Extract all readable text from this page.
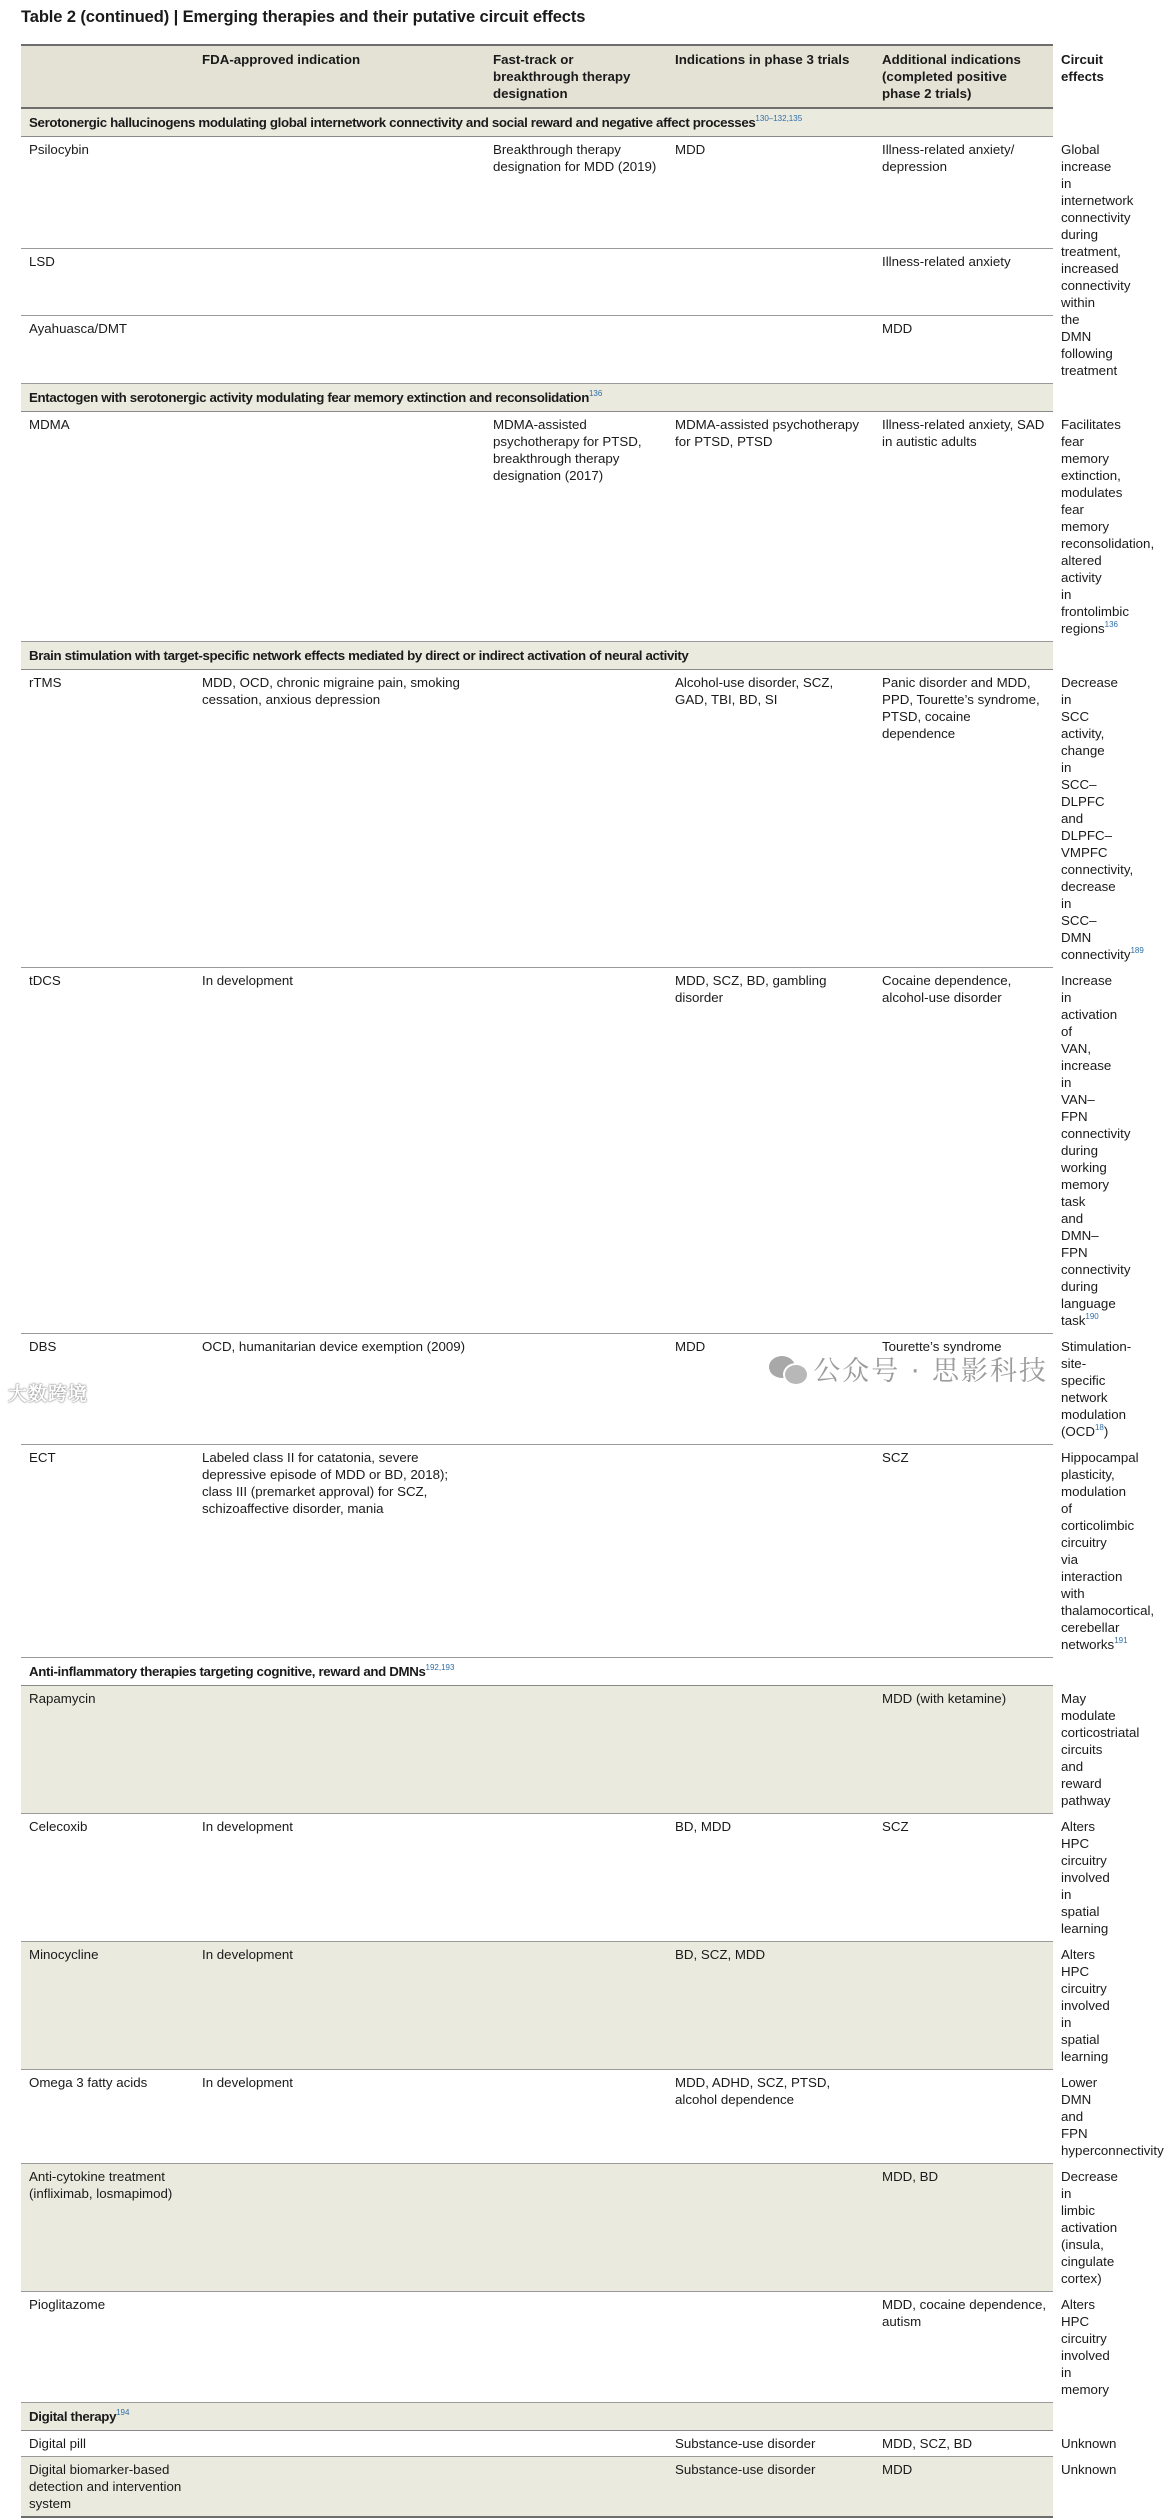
Table 2 (continued) | Emerging therapies and their putative circuit effects
	FDA-approved indication		Fast-track or breakthrough therapy designation	Indications in phase 3 trials	Additional indications (completed positive phase 2 trials)	Circuit effects
Serotonergic hallucinogens modulating global internetwork connectivity and social reward and negative affect processes$^{130-132,135}$
Psilocybin			Breakthrough therapy designation for MDD (2019)	MDD	Illness-related anxiety/ depression	Global increase in internetwork connectivity during treatment, increased connectivity within the DMN following treatment
LSD					Illness-related anxiety	
Ayahuasca/DMT					MDD	
Entactogen with serotonergic activity modulating fear memory extinction and reconsolidation$^{136}$
MDMA			MDMA-assisted psychotherapy for PTSD, breakthrough therapy designation (2017)	MDMA-assisted psychotherapy for PTSD, PTSD	Illness-related anxiety, SAD in autistic adults	Facilitates fear memory extinction, modulates fear memory reconsolidation, altered activity in frontolimbic regions$^{136}$
Brain stimulation with target-specific network effects mediated by direct or indirect activation of neural activity						
rTMS	MDD, OCD, chronic migraine pain, smoking cessation, anxious depression			Alcohol-use disorder, SCZ, GAD, TBI, BD, SI	Panic disorder and MDD, PPD, Tourette’s syndrome, PTSD, cocaine dependence	Decrease in SCC activity, change in SCC–DLPFC and DLPFC–VMPFC connectivity, decrease in SCC–DMN connectivity$^{189}$
tDCS	In development			MDD, SCZ, BD, gambling disorder	Cocaine dependence, alcohol-use disorder	Increase in activation of VAN, increase in VAN–FPN connectivity during working memory task and DMN–FPN connectivity during language task$^{190}$
DBS	OCD, humanitarian device exemption (2009)			MDD	Tourette’s syndrome	Stimulation-site-specific network modulation (OCD$^{18}$)
ECT	Labeled class II for catatonia, severe depressive episode of MDD or BD, 2018); class III (premarket approval) for SCZ, schizoaffective disorder, mania				SCZ	Hippocampal plasticity, modulation of corticolimbic circuitry via interaction with thalamocortical, cerebellar networks$^{191}$
Anti-inflammatory therapies targeting cognitive, reward and DMNs$^{192,193}$
Rapamycin					MDD (with ketamine)	May modulate corticostriatal circuits and reward pathway
Celecoxib	In development			BD, MDD	SCZ	Alters HPC circuitry involved in spatial learning
Minocycline	In development			BD, SCZ, MDD		Alters HPC circuitry involved in spatial learning
Omega 3 fatty acids	In development			MDD, ADHD, SCZ, PTSD, alcohol dependence		Lower DMN and FPN hyperconnectivity
Anti-cytokine treatment (infliximab, losmapimod)					MDD, BD	Decrease in limbic activation (insula, cingulate cortex)
Pioglitazome					MDD, cocaine dependence, autism	Alters HPC circuitry involved in memory
Digital therapy$^{194}$
Digital pill				Substance-use disorder	MDD, SCZ, BD	Unknown
Digital biomarker-based detection and intervention system				Substance-use disorder	MDD	Unknown
公众号 · 思影科技
大数跨境
